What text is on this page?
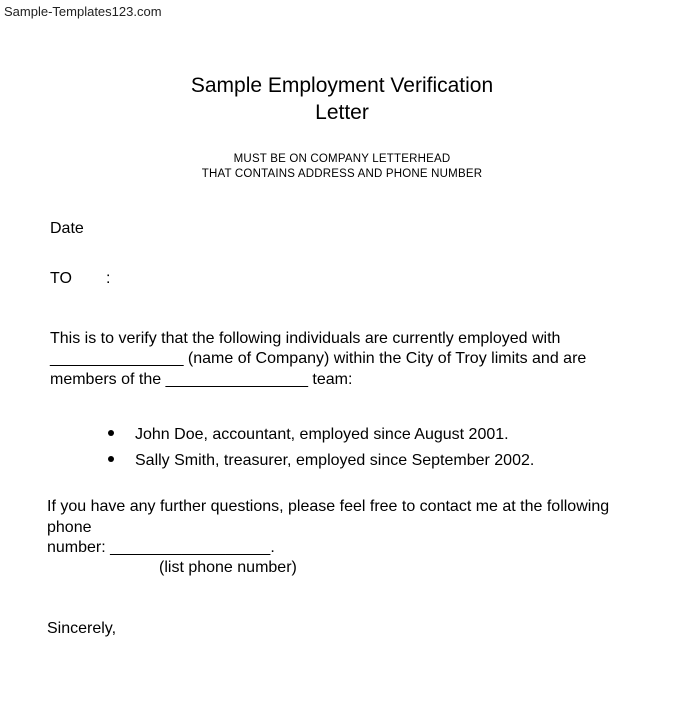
Sample-Templates123.com
Sample Employment Verification
Letter
MUST BE ON COMPANY LETTERHEAD
THAT CONTAINS ADDRESS AND PHONE NUMBER
Date
TO :
This is to verify that the following individuals are currently employed with
_______________ (name of Company) within the City of Troy limits and are
members of the ________________ team:
John Doe, accountant, employed since August 2001.
Sally Smith, treasurer, employed since September 2002.
If you have any further questions, please feel free to contact me at the following
phone
number: __________________.
(list phone number)
Sincerely,
